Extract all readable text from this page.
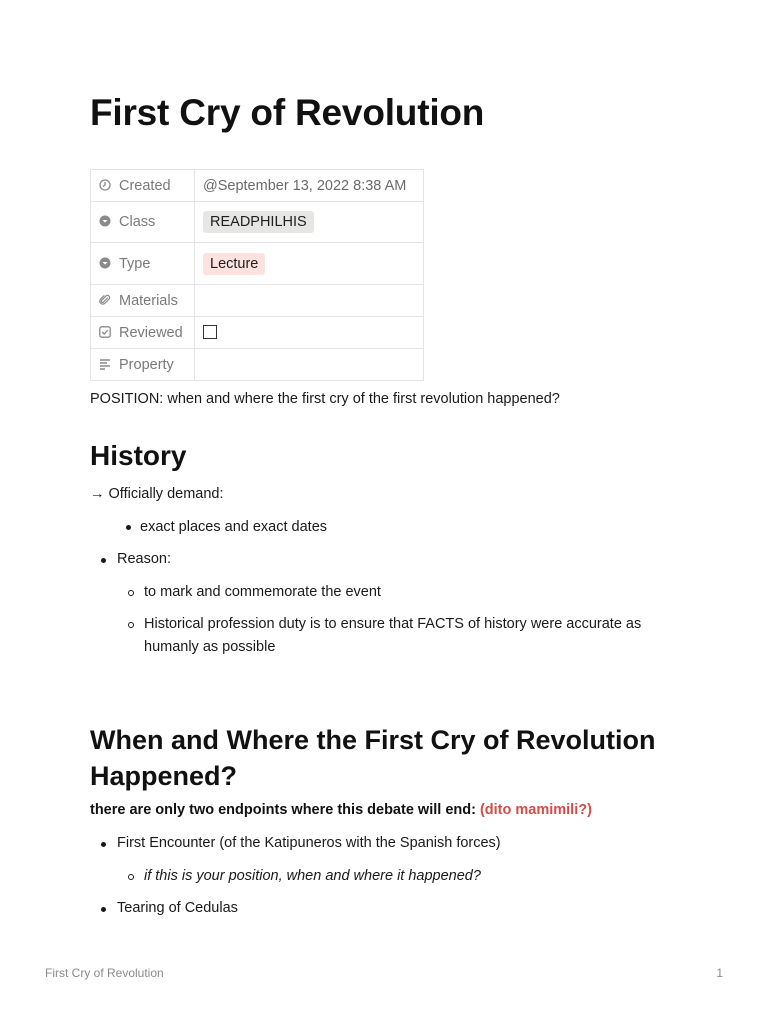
First Cry of Revolution
Created	@September 13, 2022 8:38 AM
Class	READPHILHIS
Type	Lecture
Materials	
Reviewed	
Property	

POSITION: when and where the first cry of the first revolution happened?

History

→ Officially demand:

exact places and exact dates

Reason:

to mark and commemorate the event

Historical profession duty is to ensure that FACTS of history were accurate as

humanly as possible

When and Where the First Cry of Revolution Happened?

there are only two endpoints where this debate will end: (dito mamimili?)

First Encounter (of the Katipuneros with the Spanish forces)

if this is your position, when and where it happened?

Tearing of Cedulas

First Cry of Revolution	1
